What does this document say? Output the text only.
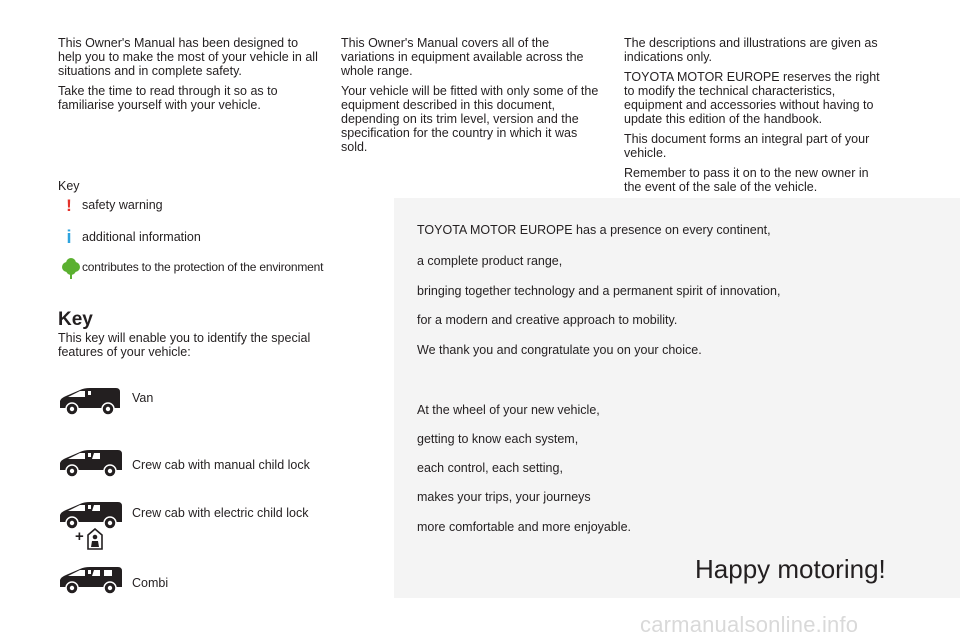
This Owner's Manual has been designed to help you to make the most of your vehicle in all situations and in complete safety.

Take the time to read through it so as to familiarise yourself with your vehicle.

This Owner's Manual covers all of the variations in equipment available across the whole range.

Your vehicle will be fitted with only some of the equipment described in this document, depending on its trim level, version and the specification for the country in which it was sold.

The descriptions and illustrations are given as indications only.

TOYOTA MOTOR EUROPE reserves the right to modify the technical characteristics, equipment and accessories without having to update this edition of the handbook.

This document forms an integral part of your vehicle.

Remember to pass it on to the new owner in the event of the sale of the vehicle.

Key
! safety warning
i additional information
contributes to the protection of the environment
Key
This key will enable you to identify the special features of your vehicle:
Van
Crew cab with manual child lock
Crew cab with electric child lock
+
Combi
TOYOTA MOTOR EUROPE has a presence on every continent,
a complete product range,
bringing together technology and a permanent spirit of innovation,
for a modern and creative approach to mobility.
We thank you and congratulate you on your choice.
At the wheel of your new vehicle,
getting to know each system,
each control, each setting,
makes your trips, your journeys
more comfortable and more enjoyable.
Happy motoring!
carmanualsonline.info
